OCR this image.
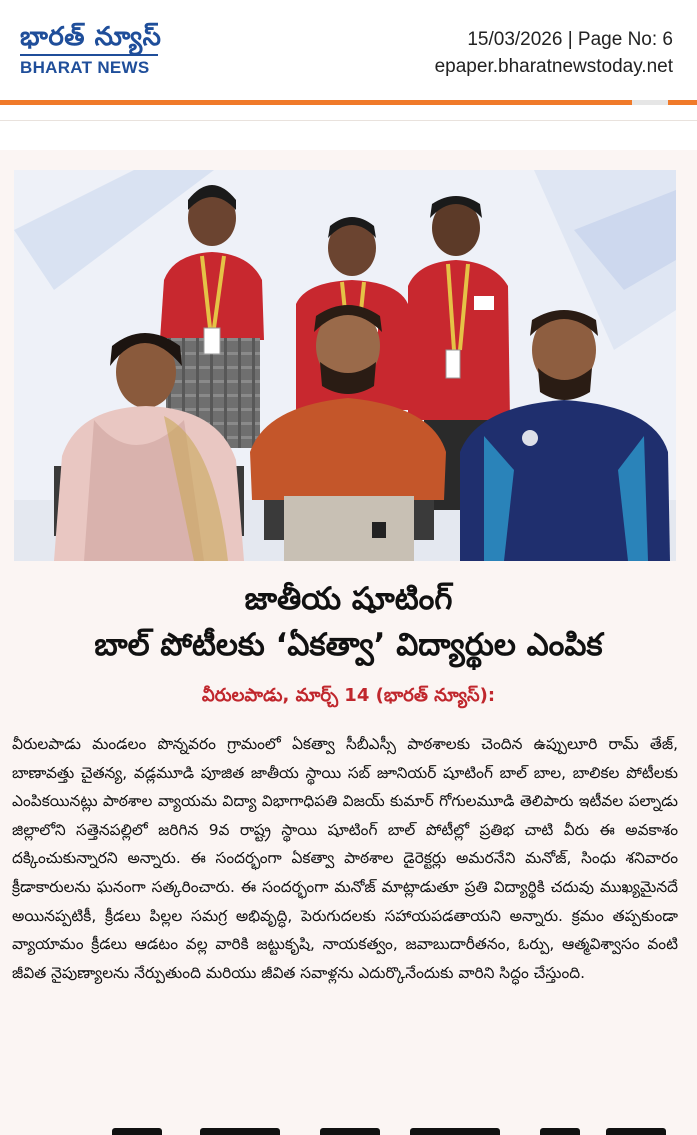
భారత్ న్యూస్
BHARAT NEWS
15/03/2026 | Page No: 6
epaper.bharatnewstoday.net
జాతీయ షూటింగ్
బాల్ పోటీలకు ‘ఏకత్వా’ విద్యార్థుల ఎంపిక
వీరులపాడు, మార్చ్ 14 (భారత్ న్యూస్):
వీరులపాడు మండలం పొన్నవరం గ్రామంలో ఏకత్వా సీబీఎస్సీ పాఠశాలకు చెందిన ఉప్పులూరి రామ్ తేజ్, బాణావత్తు చైతన్య, వడ్లమూడి పూజిత జాతీయ స్థాయి సబ్ జూనియర్ షూటింగ్ బాల్ బాల, బాలికల పోటీలకు ఎంపికయినట్లు పాఠశాల వ్యాయమ విద్యా విభాగాధిపతి విజయ్ కుమార్ గోగులమూడి తెలిపారు ఇటీవల పల్నాడు జిల్లాలోని సత్తెనపల్లిలో జరిగిన 9వ రాష్ట్ర స్థాయి షూటింగ్ బాల్ పోటీల్లో ప్రతిభ చాటి వీరు ఈ అవకాశం దక్కించుకున్నారని అన్నారు. ఈ సందర్భంగా ఏకత్వా పాఠశాల డైరెక్టర్లు అమరనేని మనోజ్, సింధు శనివారం క్రీడాకారులను ఘనంగా సత్కరించారు. ఈ సందర్భంగా మనోజ్ మాట్లాడుతూ ప్రతి విద్యార్థికి చదువు ముఖ్యమైనదే అయినప్పటికీ, క్రీడలు పిల్లల సమగ్ర అభివృద్ధి, పెరుగుదలకు సహాయపడతాయని అన్నారు. క్రమం తప్పకుండా వ్యాయామం క్రీడలు ఆడటం వల్ల వారికి జట్టుకృషి, నాయకత్వం, జవాబుదారీతనం, ఓర్పు, ఆత్మవిశ్వాసం వంటి జీవిత నైపుణ్యాలను నేర్పుతుంది మరియు జీవిత సవాళ్లను ఎదుర్కొనేందుకు వారిని సిద్ధం చేస్తుంది.
